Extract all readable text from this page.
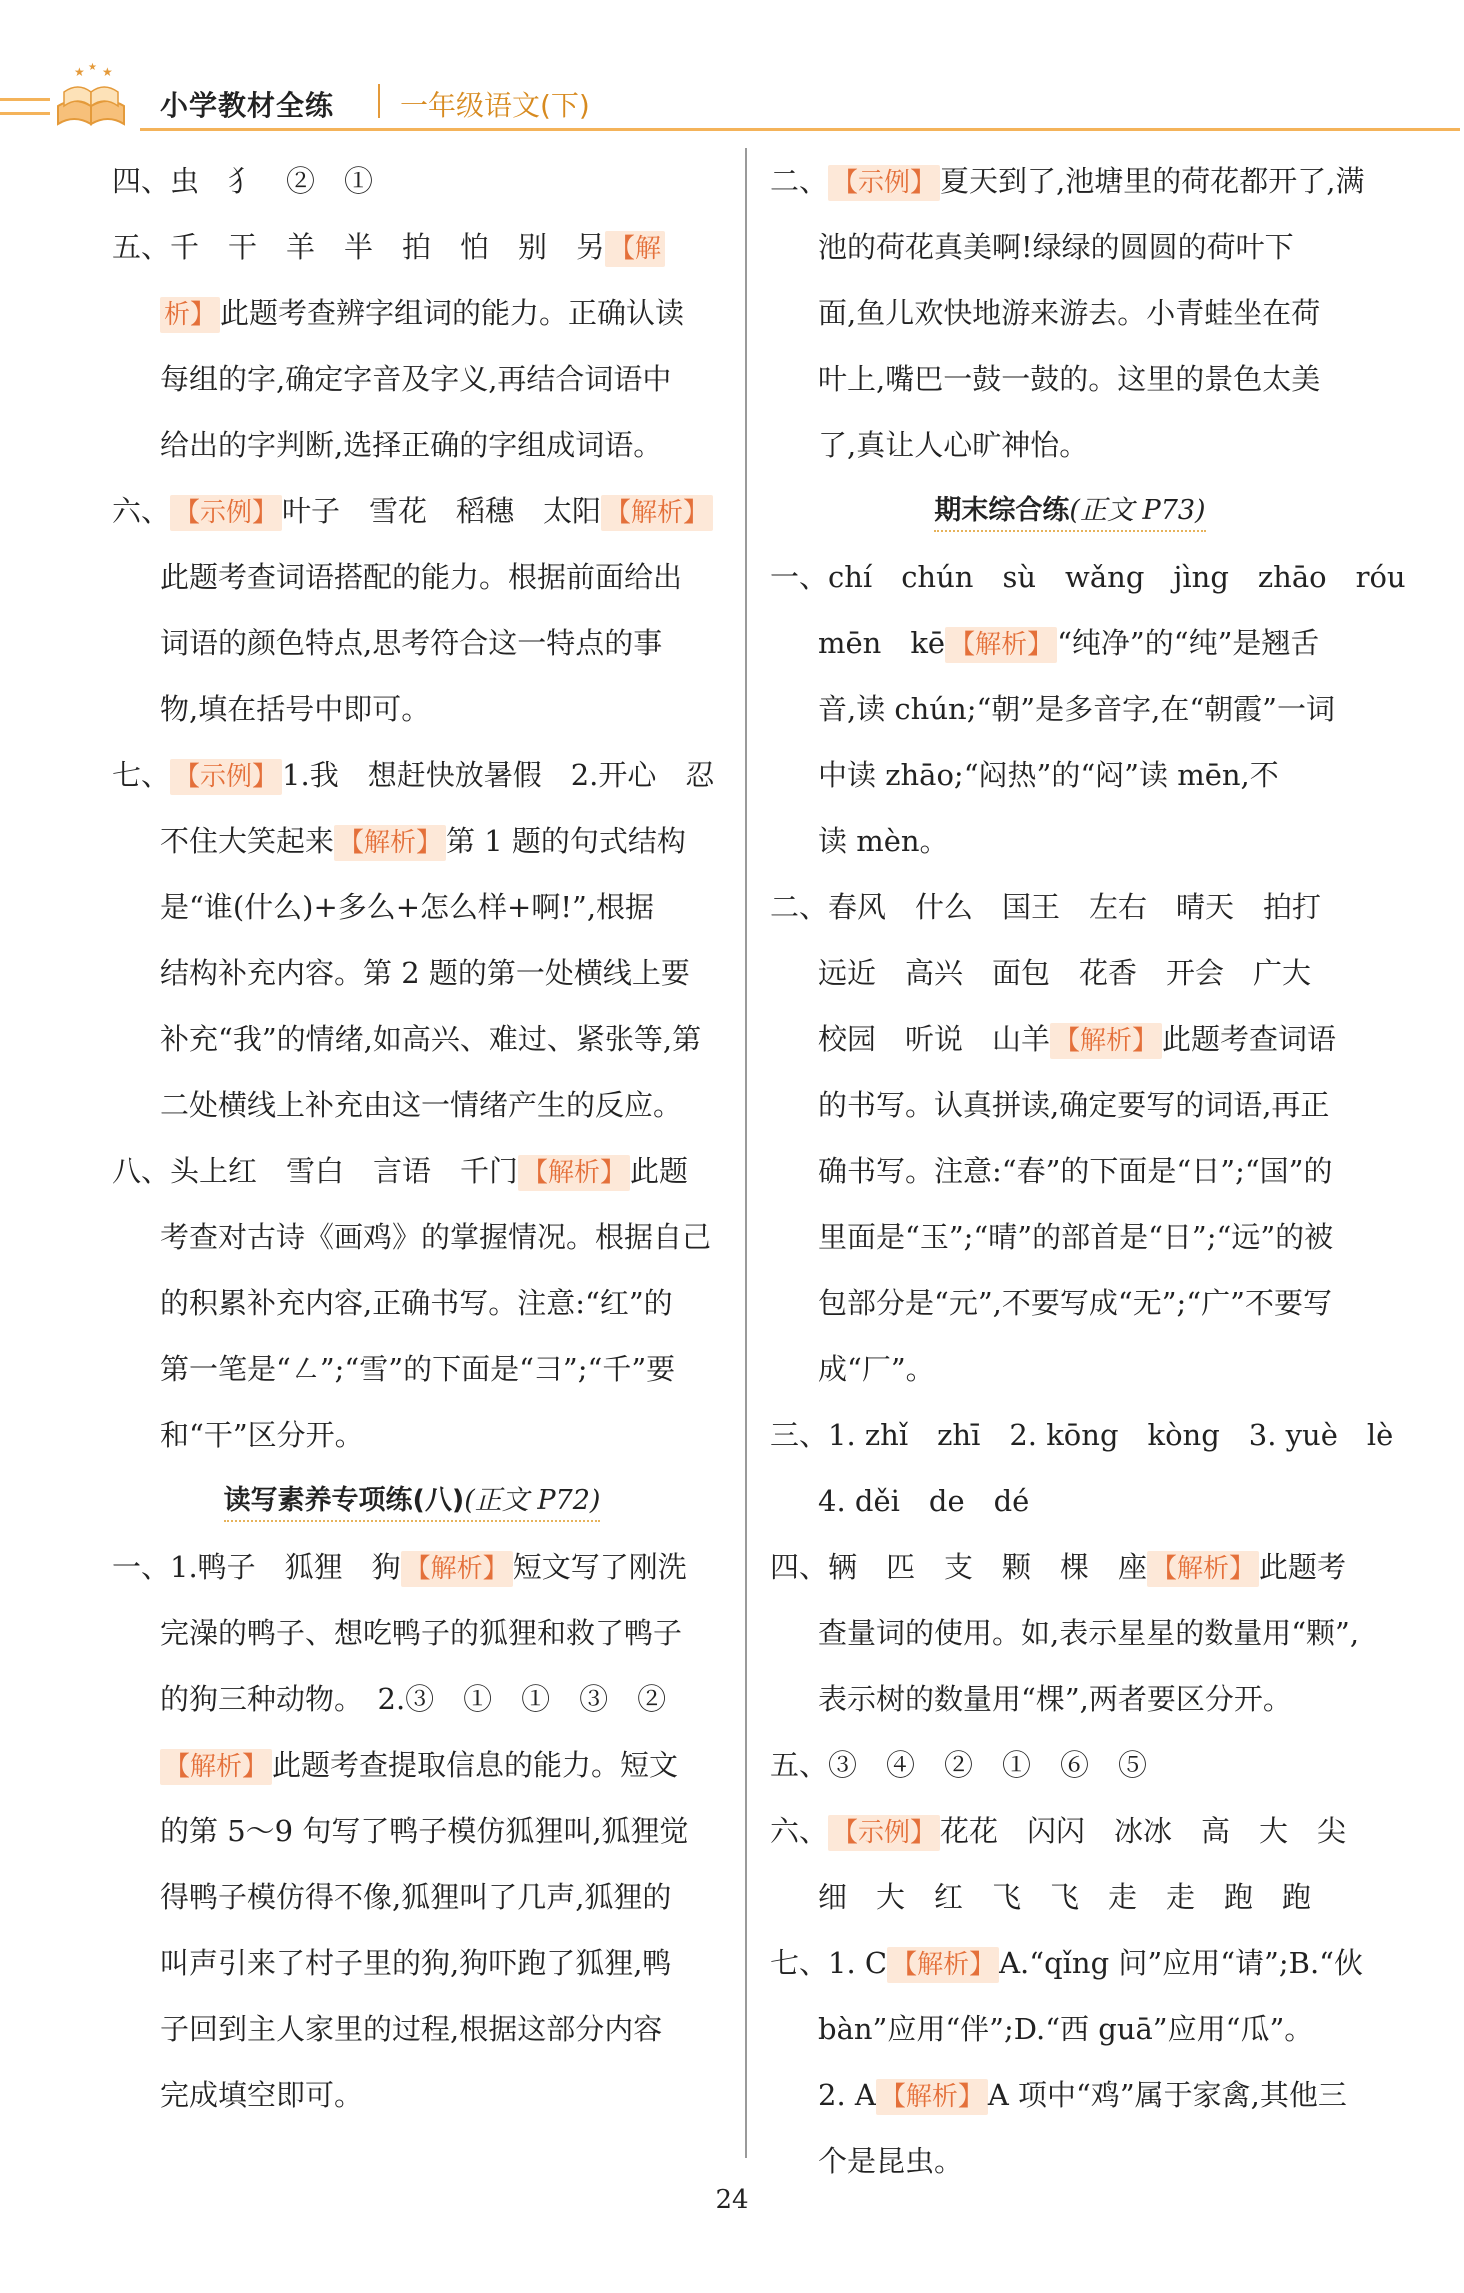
★ ★ ★
小学教材全练 一年级语文(下)
四、虫　犭　②　①
五、千　干　羊　半　拍　怕　别　另 【解
析】 此题考查辨字组词的能力。正确认读
每组的字,确定字音及字义,再结合词语中
给出的字判断,选择正确的字组成词语。
六、 【示例】 叶子　雪花　稻穗　太阳 【解析】
此题考查词语搭配的能力。根据前面给出
词语的颜色特点,思考符合这一特点的事
物,填在括号中即可。
七、 【示例】 1.我　想赶快放暑假　2.开心　忍
不住大笑起来 【解析】 第 1 题的句式结构
是“谁(什么)+多么+怎么样+啊!”,根据
结构补充内容。第 2 题的第一处横线上要
补充“我”的情绪,如高兴、难过、紧张等,第
二处横线上补充由这一情绪产生的反应。
八、头上红　雪白　言语　千门 【解析】 此题
考查对古诗《画鸡》的掌握情况。根据自己
的积累补充内容,正确书写。注意:“红”的
第一笔是“㇜”;“雪”的下面是“彐”;“千”要
和“干”区分开。
读写素养专项练(八)(正文 P72)
一、1.鸭子　狐狸　狗 【解析】 短文写了刚洗
完澡的鸭子、想吃鸭子的狐狸和救了鸭子
的狗三种动物。　2.③　①　①　③　②
【解析】 此题考查提取信息的能力。短文
的第 5～9 句写了鸭子模仿狐狸叫,狐狸觉
得鸭子模仿得不像,狐狸叫了几声,狐狸的
叫声引来了村子里的狗,狗吓跑了狐狸,鸭
子回到主人家里的过程,根据这部分内容
完成填空即可。
二、 【示例】 夏天到了,池塘里的荷花都开了,满
池的荷花真美啊!绿绿的圆圆的荷叶下
面,鱼儿欢快地游来游去。小青蛙坐在荷
叶上,嘴巴一鼓一鼓的。这里的景色太美
了,真让人心旷神怡。
期末综合练(正文 P73)
一、chí　chún　sù　wǎng　jìng　zhāo　róu
mēn　kē 【解析】 “纯净”的“纯”是翘舌
音,读 chún;“朝”是多音字,在“朝霞”一词
中读 zhāo;“闷热”的“闷”读 mēn,不
读 mèn。
二、春风　什么　国王　左右　晴天　拍打
远近　高兴　面包　花香　开会　广大
校园　听说　山羊 【解析】 此题考查词语
的书写。认真拼读,确定要写的词语,再正
确书写。注意:“春”的下面是“日”;“国”的
里面是“玉”;“晴”的部首是“日”;“远”的被
包部分是“元”,不要写成“无”;“广”不要写
成“厂”。
三、1. zhǐ　zhī　2. kōng　kòng　3. yuè　lè
4. děi　de　dé
四、辆　匹　支　颗　棵　座 【解析】 此题考
查量词的使用。如,表示星星的数量用“颗”,
表示树的数量用“棵”,两者要区分开。
五、③　④　②　①　⑥　⑤
六、 【示例】 花花　闪闪　冰冰　高　大　尖
细　大　红　飞　飞　走　走　跑　跑
七、1. C 【解析】 A.“qǐng 问”应用“请”;B.“伙
bàn”应用“伴”;D.“西 guā”应用“瓜”。
2. A 【解析】 A 项中“鸡”属于家禽,其他三
个是昆虫。
24
